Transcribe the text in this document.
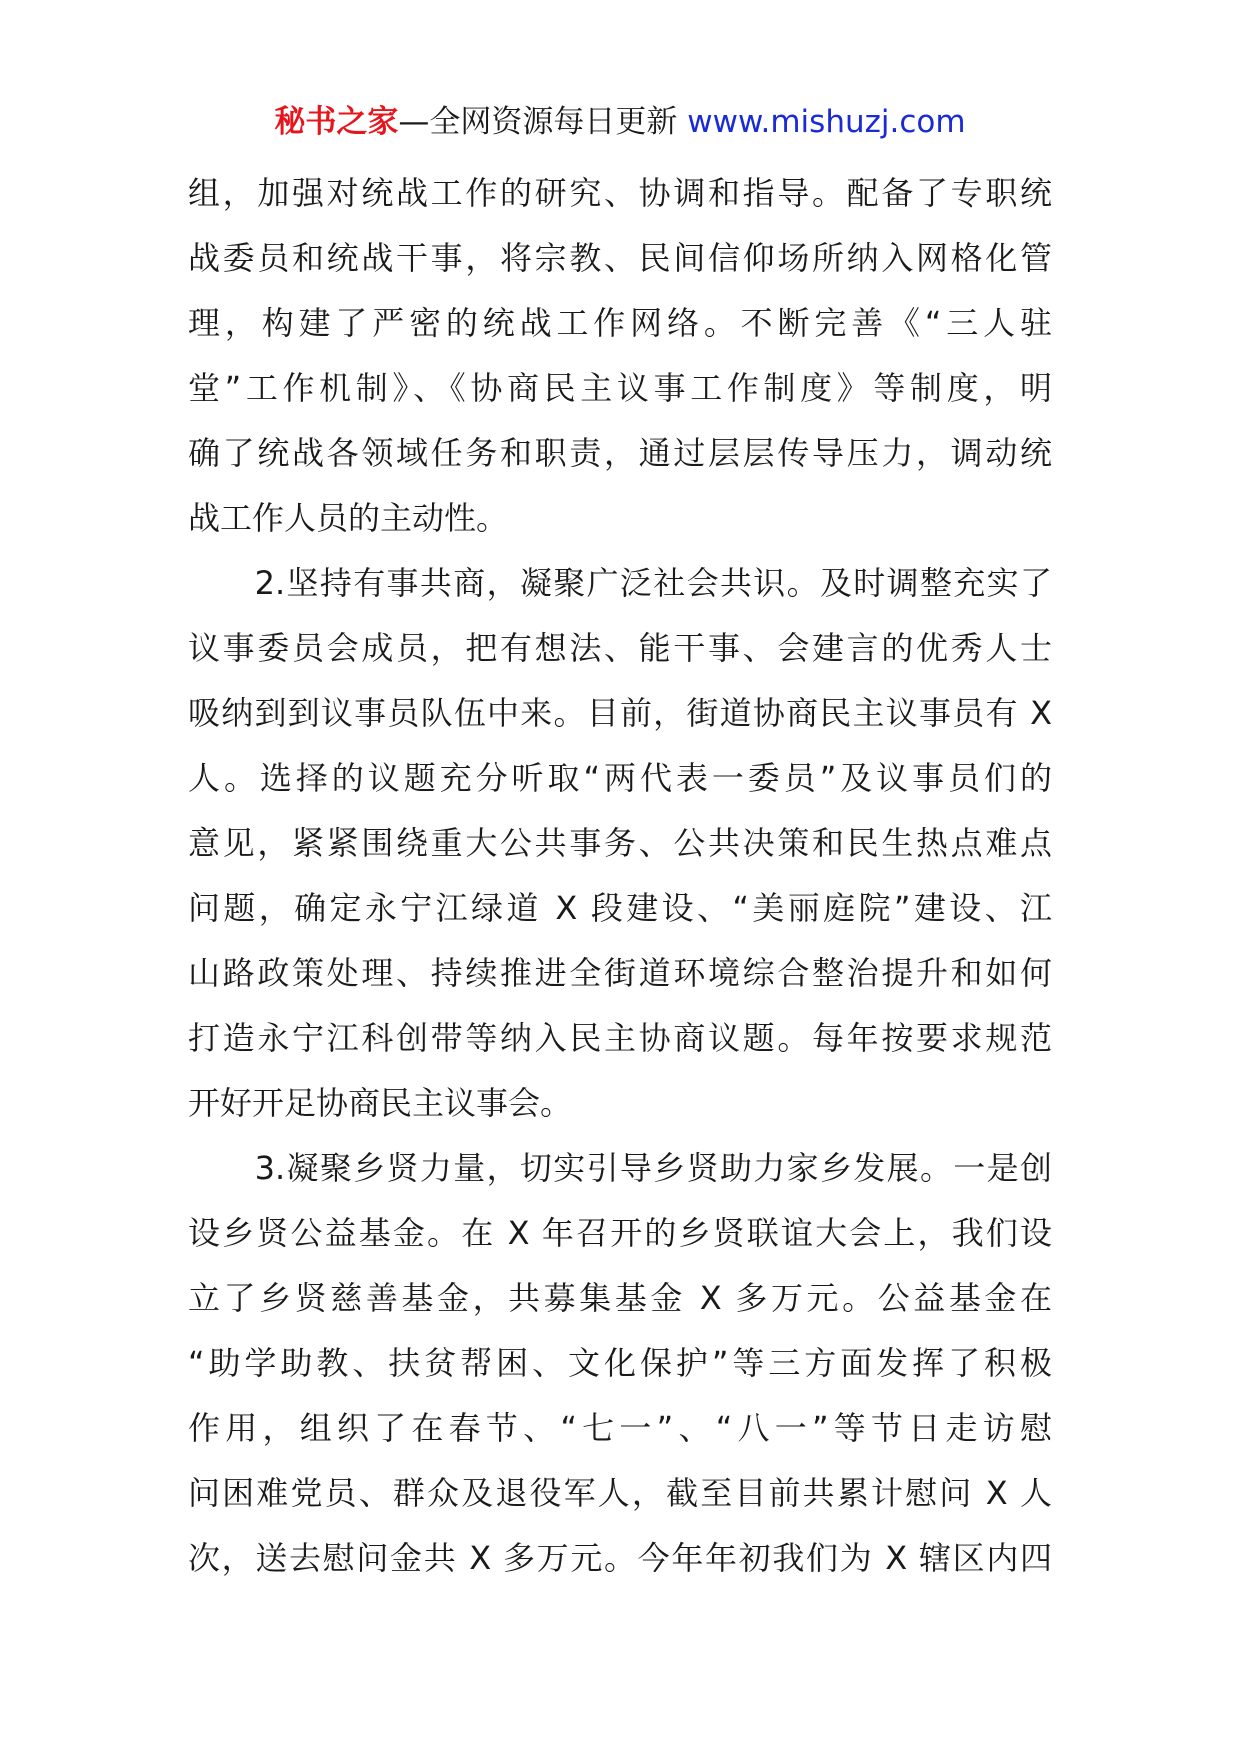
秘书之家—全网资源每日更新 www.mishuzj.com
组，加强对统战工作的研究、协调和指导。配备了专职统
战委员和统战干事，将宗教、民间信仰场所纳入网格化管
理，构建了严密的统战工作网络。不断完善《“三人驻
堂”工作机制》、《协商民主议事工作制度》等制度，明
确了统战各领域任务和职责，通过层层传导压力，调动统
战工作人员的主动性。
　　2.坚持有事共商，凝聚广泛社会共识。及时调整充实了
议事委员会成员，把有想法、能干事、会建言的优秀人士
吸纳到到议事员队伍中来。目前，街道协商民主议事员有 X
人。选择的议题充分听取“两代表一委员”及议事员们的
意见，紧紧围绕重大公共事务、公共决策和民生热点难点
问题，确定永宁江绿道 X 段建设、“美丽庭院”建设、江
山路政策处理、持续推进全街道环境综合整治提升和如何
打造永宁江科创带等纳入民主协商议题。每年按要求规范
开好开足协商民主议事会。
　　3.凝聚乡贤力量，切实引导乡贤助力家乡发展。一是创
设乡贤公益基金。在 X 年召开的乡贤联谊大会上，我们设
立了乡贤慈善基金，共募集基金 X 多万元。公益基金在
“助学助教、扶贫帮困、文化保护”等三方面发挥了积极
作用，组织了在春节、“七一”、“八一”等节日走访慰
问困难党员、群众及退役军人，截至目前共累计慰问 X 人
次，送去慰问金共 X 多万元。今年年初我们为 X 辖区内四
